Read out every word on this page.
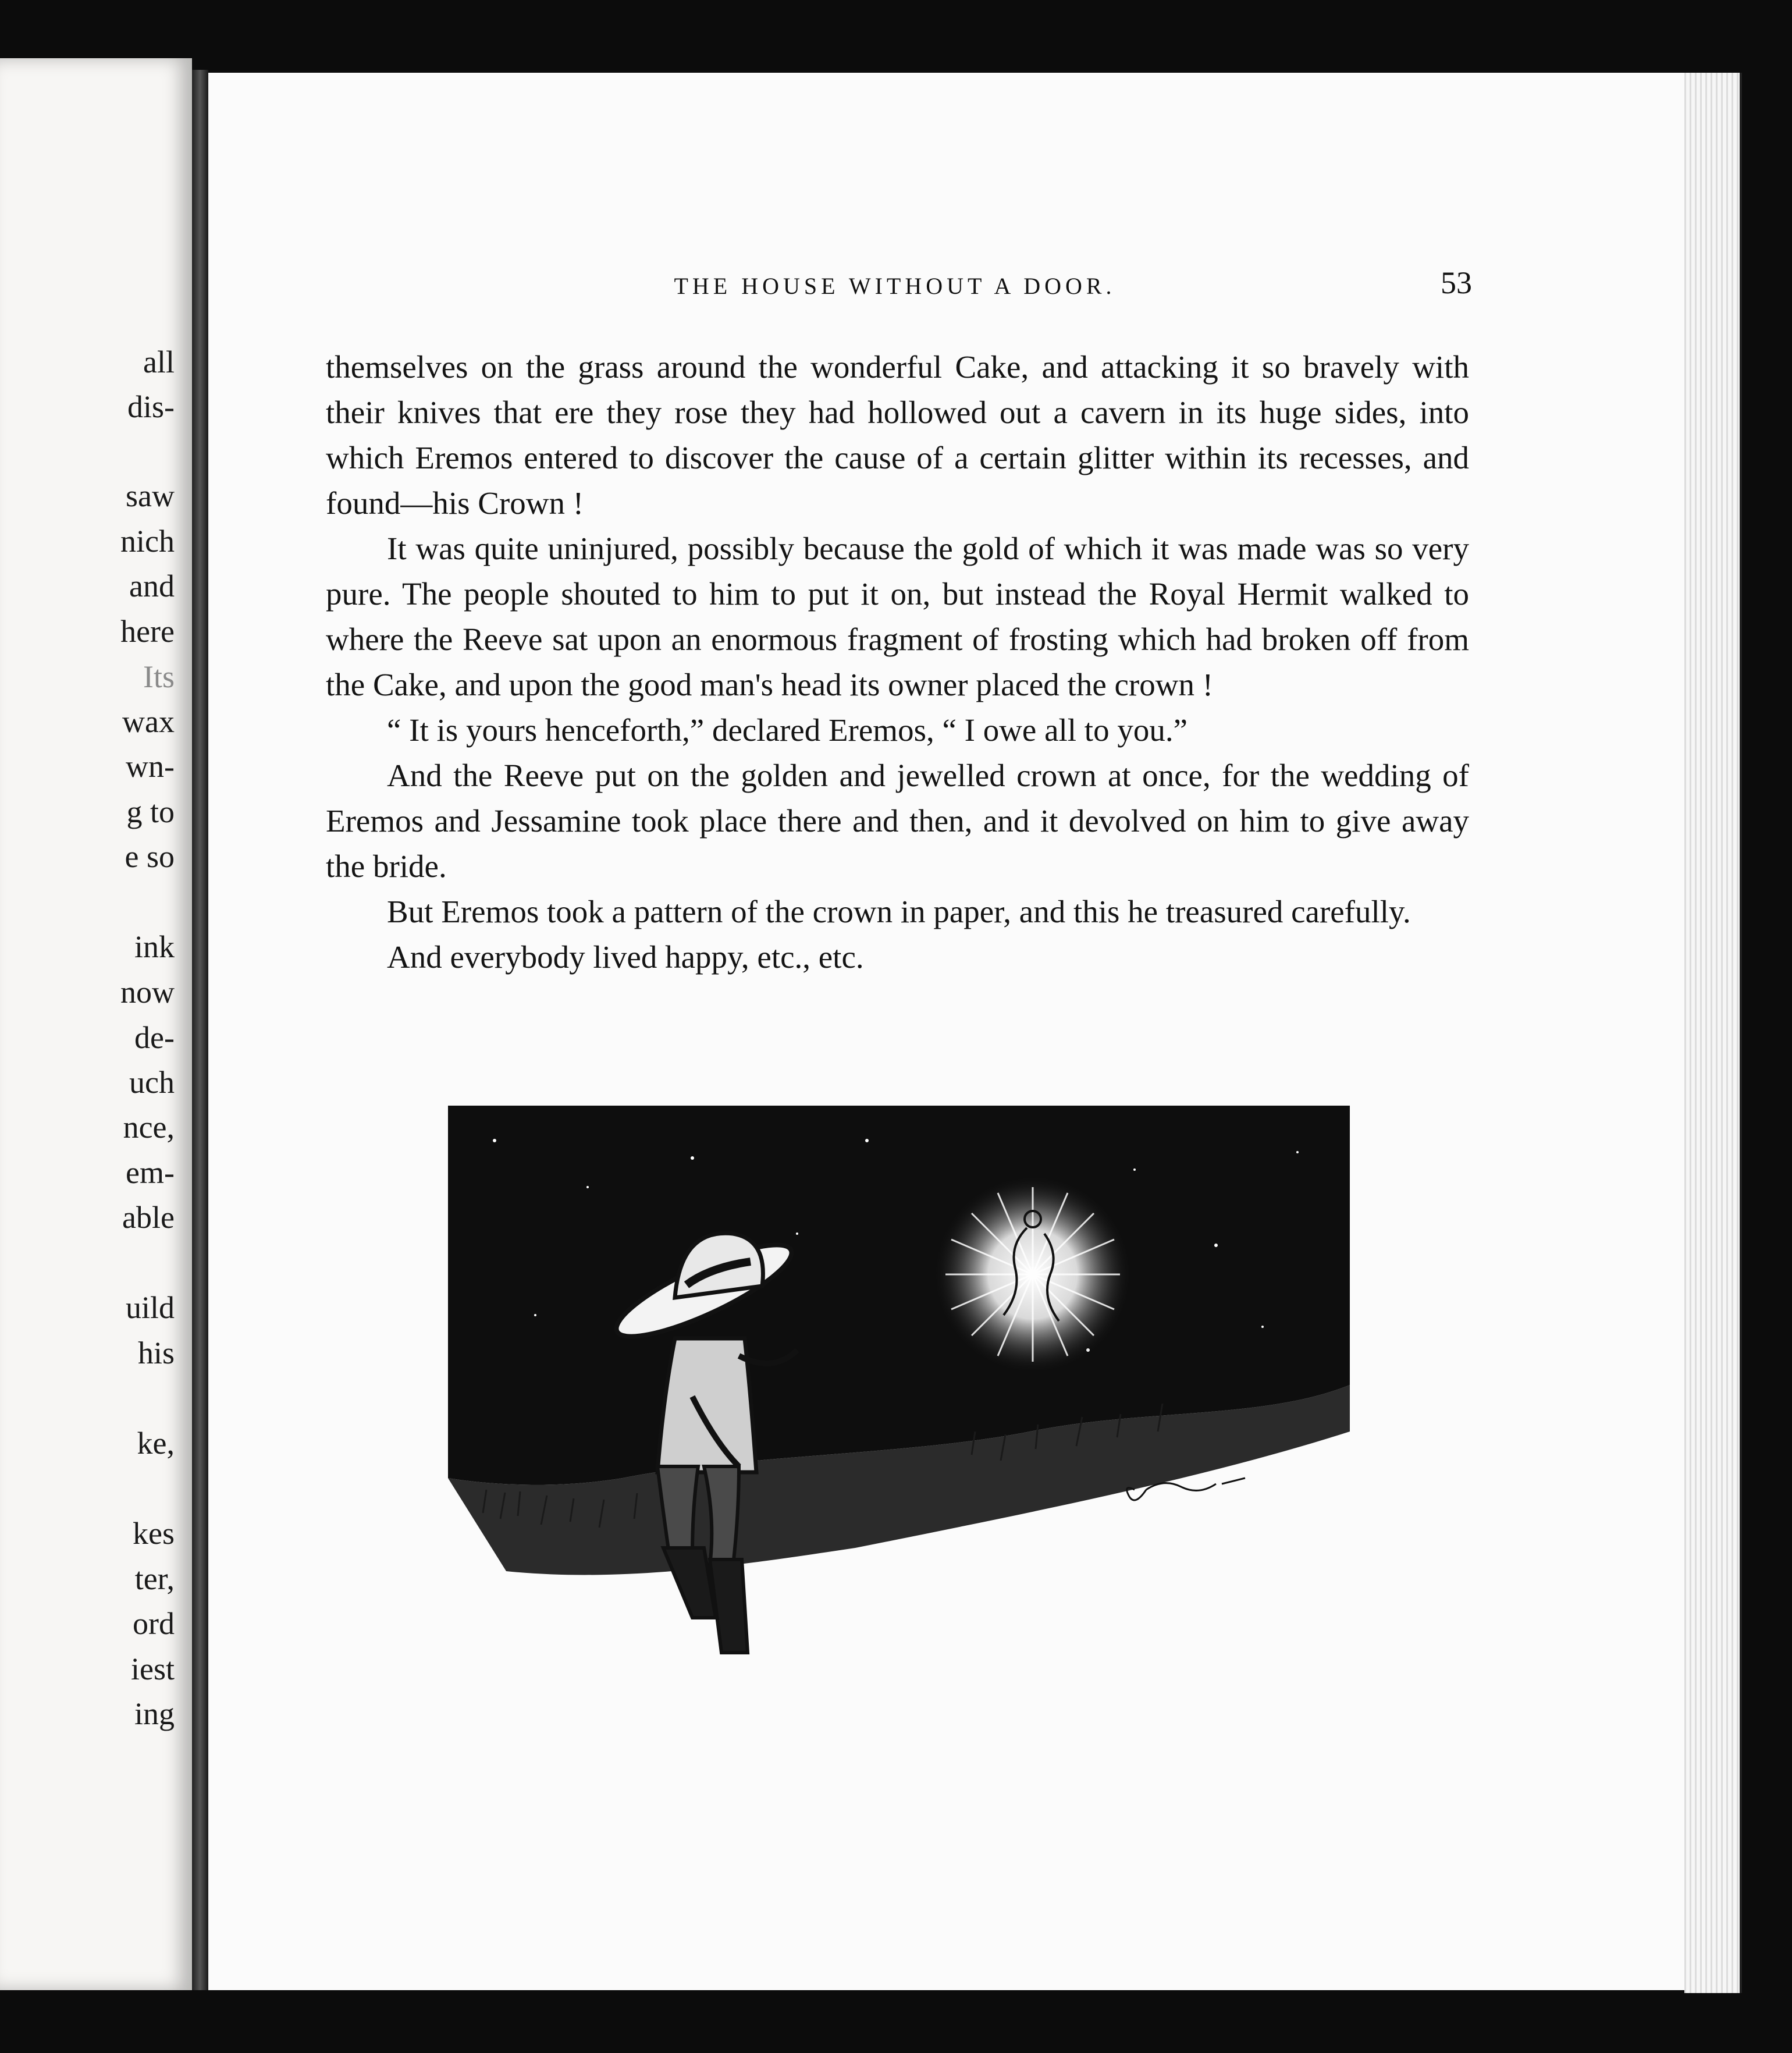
all

dis-

saw

nich

and

here

Its

wax

wn-

g to

e so

ink

now

de-

uch

nce,

em-

able

uild

his

ke,

kes

ter,

ord

iest

ing

THE HOUSE WITHOUT A DOOR.	53

themselves on the grass around the wonderful Cake, and attacking it so bravely with their knives that ere they rose they had hollowed out a cavern in its huge sides, into which Eremos entered to discover the cause of a certain glitter within its recesses, and found—his Crown !

It was quite uninjured, possibly because the gold of which it was made was so very pure. The people shouted to him to put it on, but instead the Royal Hermit walked to where the Reeve sat upon an enormous fragment of frosting which had broken off from the Cake, and upon the good man's head its owner placed the crown !

“ It is yours henceforth,” declared Eremos, “ I owe all to you.”

And the Reeve put on the golden and jewelled crown at once, for the wedding of Eremos and Jessamine took place there and then, and it devolved on him to give away the bride.

But Eremos took a pattern of the crown in paper, and this he treasured carefully.

And everybody lived happy, etc., etc.
